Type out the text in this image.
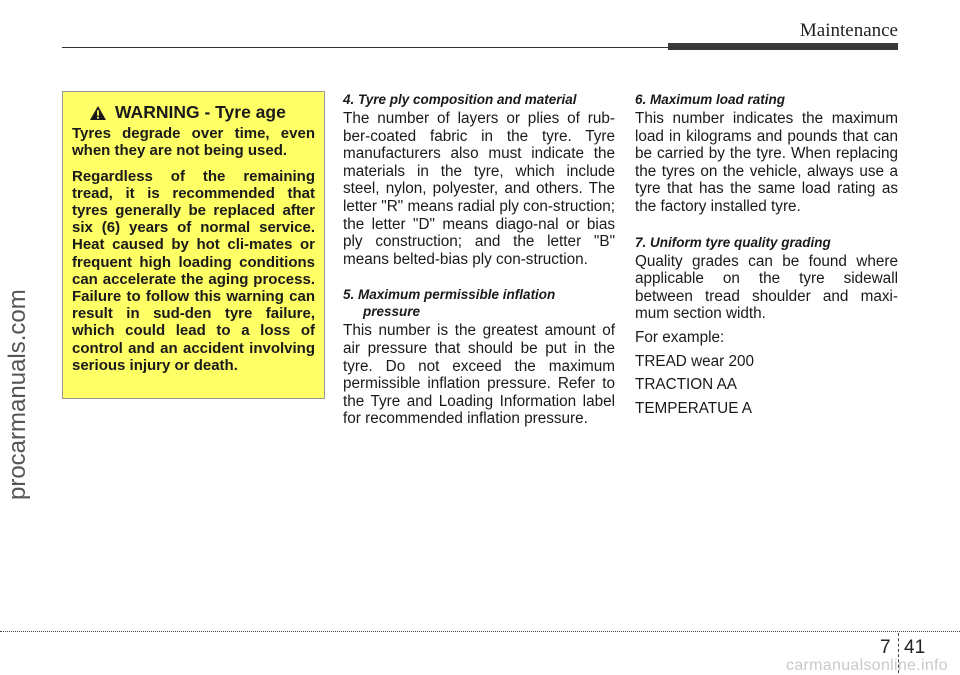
Maintenance
procarmanuals.com
WARNING - Tyre age

Tyres degrade over time, even when they are not being used.

Regardless of the remaining tread, it is recommended that tyres generally be replaced after six (6) years of normal service. Heat caused by hot cli-mates or frequent high loading conditions can accelerate the aging process. Failure to follow this warning can result in sud-den tyre failure, which could lead to a loss of control and an accident involving serious injury or death.

4. Tyre ply composition and material

The number of layers or plies of rub-ber-coated fabric in the tyre. Tyre manufacturers also must indicate the materials in the tyre, which include steel, nylon, polyester, and others. The letter "R" means radial ply con-struction; the letter "D" means diago-nal or bias ply construction; and the letter "B" means belted-bias ply con-struction.

5. Maximum permissible inflation pressure

This number is the greatest amount of air pressure that should be put in the tyre. Do not exceed the maximum permissible inflation pressure. Refer to the Tyre and Loading Information label for recommended inflation pressure.

6. Maximum load rating

This number indicates the maximum load in kilograms and pounds that can be carried by the tyre. When replacing the tyres on the vehicle, always use a tyre that has the same load rating as the factory installed tyre.

7. Uniform tyre quality grading

Quality grades can be found where applicable on the tyre sidewall between tread shoulder and maxi-mum section width.

For example:

TREAD wear 200

TRACTION AA

TEMPERATUE A

7 41
carmanualsonline.info
